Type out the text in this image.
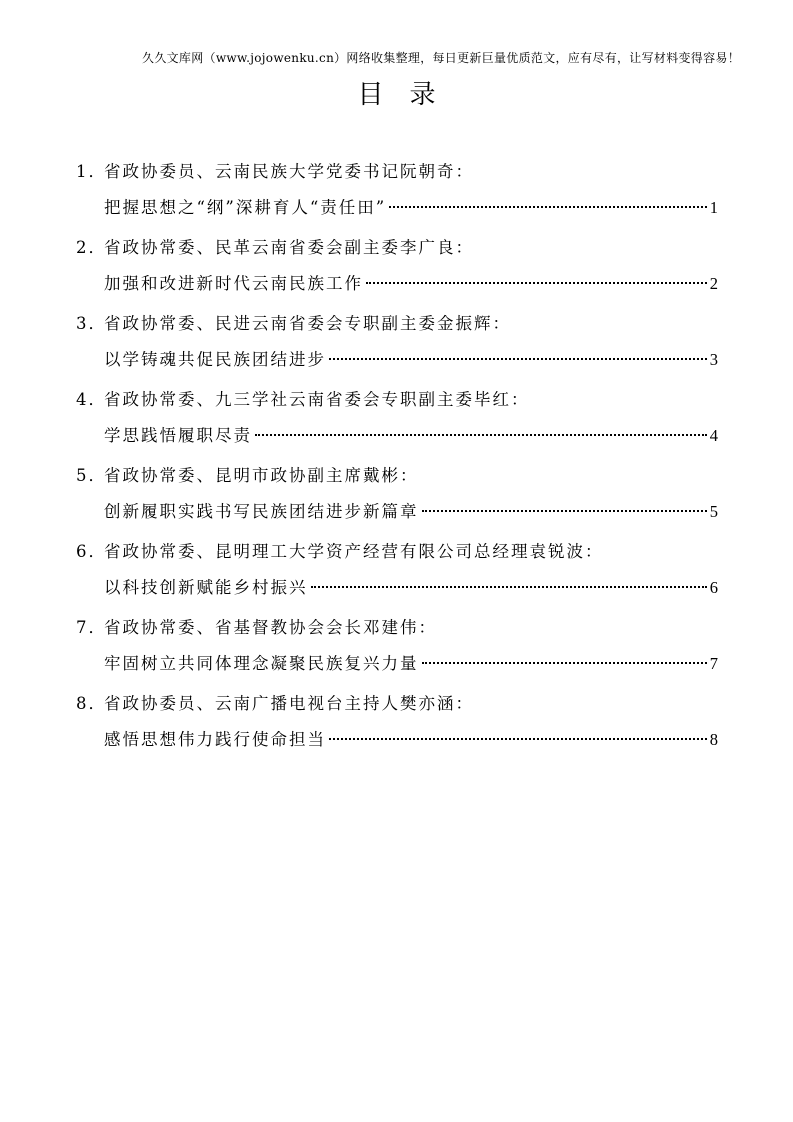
久久文库网（www.jojowenku.cn）网络收集整理，每日更新巨量优质范文，应有尽有，让写材料变得容易！
目录
1．省政协委员、云南民族大学党委书记阮朝奇：
把握思想之“纲”深耕育人“责任田”	1
2．省政协常委、民革云南省委会副主委李广良：
加强和改进新时代云南民族工作	2
3．省政协常委、民进云南省委会专职副主委金振辉：
以学铸魂共促民族团结进步	3
4．省政协常委、九三学社云南省委会专职副主委毕红：
学思践悟履职尽责	4
5．省政协常委、昆明市政协副主席戴彬：
创新履职实践书写民族团结进步新篇章	5
6．省政协常委、昆明理工大学资产经营有限公司总经理袁锐波：
以科技创新赋能乡村振兴	6
7．省政协常委、省基督教协会会长邓建伟：
牢固树立共同体理念凝聚民族复兴力量	7
8．省政协委员、云南广播电视台主持人樊亦涵：
感悟思想伟力践行使命担当	8
